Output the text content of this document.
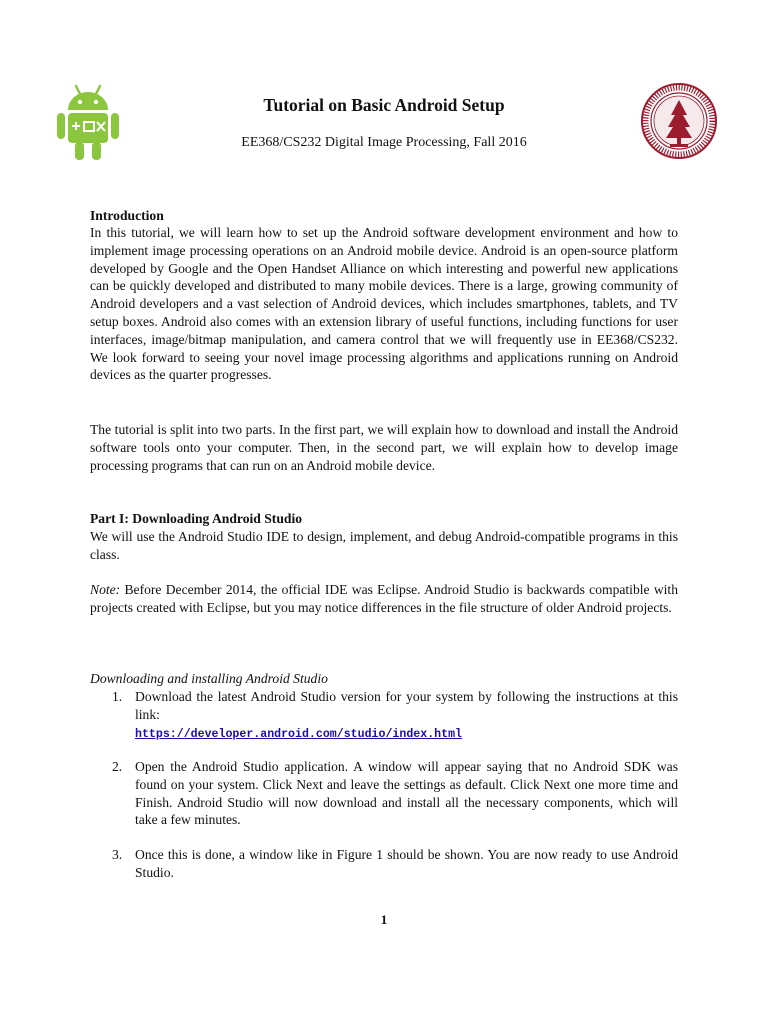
Tutorial on Basic Android Setup
EE368/CS232 Digital Image Processing, Fall 2016
Introduction
In this tutorial, we will learn how to set up the Android software development environment and how to implement image processing operations on an Android mobile device. Android is an open-source platform developed by Google and the Open Handset Alliance on which interesting and powerful new applications can be quickly developed and distributed to many mobile devices. There is a large, growing community of Android developers and a vast selection of Android devices, which includes smartphones, tablets, and TV setup boxes. Android also comes with an extension library of useful functions, including functions for user interfaces, image/bitmap manipulation, and camera control that we will frequently use in EE368/CS232. We look forward to seeing your novel image processing algorithms and applications running on Android devices as the quarter progresses.
The tutorial is split into two parts. In the first part, we will explain how to download and install the Android software tools onto your computer. Then, in the second part, we will explain how to develop image processing programs that can run on an Android mobile device.
Part I: Downloading Android Studio
We will use the Android Studio IDE to design, implement, and debug Android-compatible programs in this class.
Note: Before December 2014, the official IDE was Eclipse. Android Studio is backwards compatible with projects created with Eclipse, but you may notice differences in the file structure of older Android projects.
Downloading and installing Android Studio
1. Download the latest Android Studio version for your system by following the instructions at this link:
https://developer.android.com/studio/index.html
2. Open the Android Studio application. A window will appear saying that no Android SDK was found on your system. Click Next and leave the settings as default. Click Next one more time and Finish. Android Studio will now download and install all the necessary components, which will take a few minutes.
3. Once this is done, a window like in Figure 1 should be shown. You are now ready to use Android Studio.
1
